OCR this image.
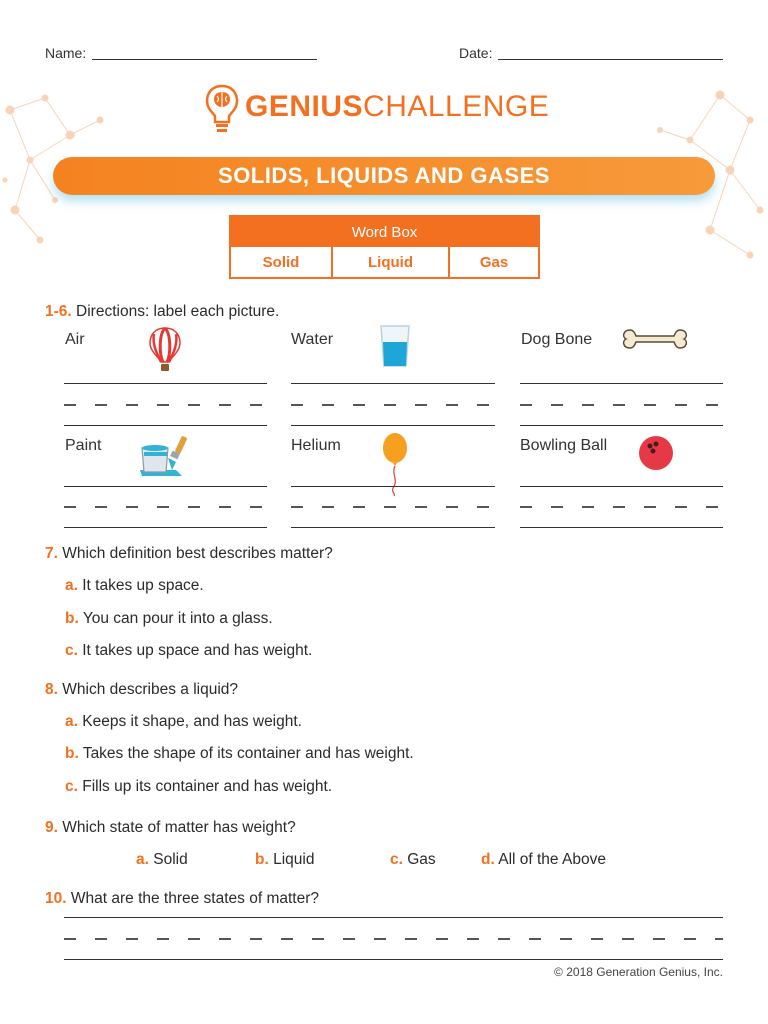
Name:	Date:
GENIUSCHALLENGE
SOLIDS, LIQUIDS AND GASES
Word Box
Solid	Liquid	Gas
1-6. Directions: label each picture.
Air	Water	Dog Bone
Paint	Helium	Bowling Ball
7. Which definition best describes matter?
a. It takes up space.
b. You can pour it into a glass.
c. It takes up space and has weight.
8. Which describes a liquid?
a. Keeps it shape, and has weight.
b. Takes the shape of its container and has weight.
c. Fills up its container and has weight.
9. Which state of matter has weight?
a. Solid	b. Liquid	c. Gas	d. All of the Above
10. What are the three states of matter?
© 2018 Generation Genius, Inc.
